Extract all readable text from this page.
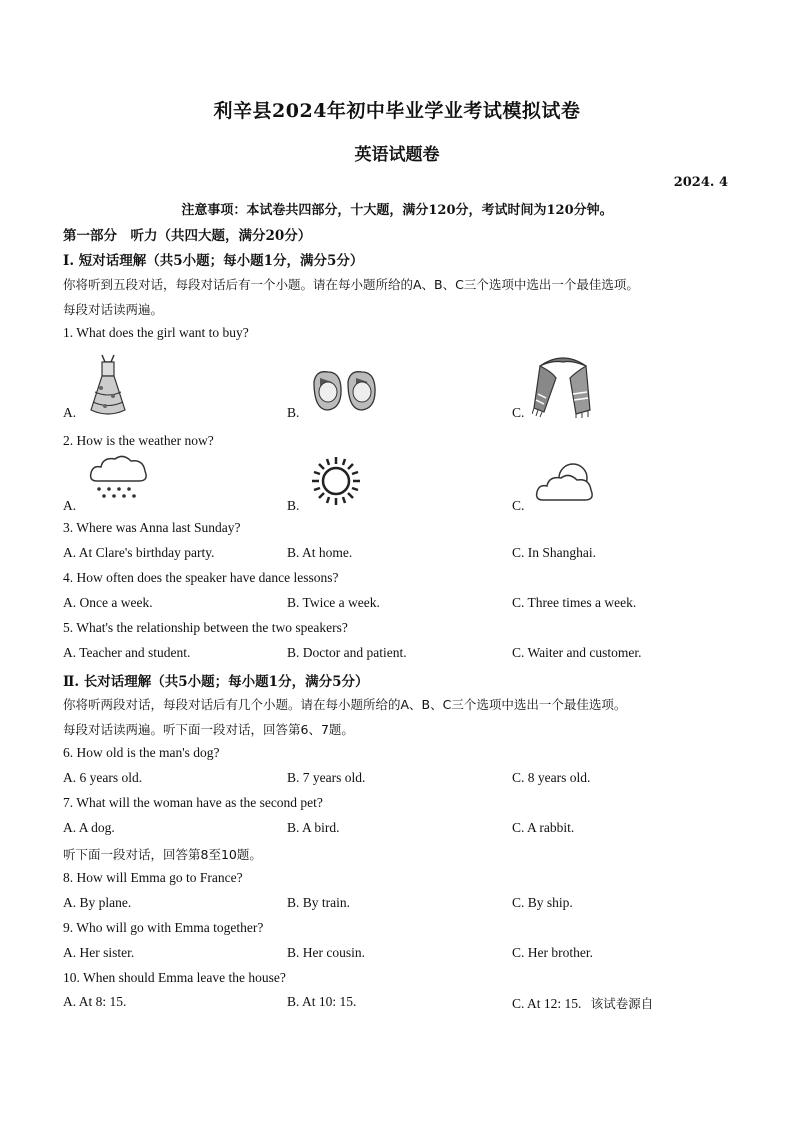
利辛县2024年初中毕业学业考试模拟试卷
英语试题卷
2024. 4
注意事项：本试卷共四部分，十大题，满分120分，考试时间为120分钟。
第一部分　听力（共四大题，满分20分）
I. 短对话理解（共5小题；每小题1分，满分5分）
你将听到五段对话，每段对话后有一个小题。请在每小题所给的A、B、C三个选项中选出一个最佳选项。
每段对话读两遍。
1. What does the girl want to buy?
A.	B.	C.
2. How is the weather now?
A.	B.	C.
3. Where was Anna last Sunday?
A. At Clare's birthday party.	B. At home.	C. In Shanghai.
4. How often does the speaker have dance lessons?
A. Once a week.	B. Twice a week.	C. Three times a week.
5. What's the relationship between the two speakers?
A. Teacher and student.	B. Doctor and patient.	C. Waiter and customer.
Ⅱ. 长对话理解（共5小题；每小题1分，满分5分）
你将听两段对话，每段对话后有几个小题。请在每小题所给的A、B、C三个选项中选出一个最佳选项。
每段对话读两遍。听下面一段对话，回答第6、7题。
6. How old is the man's dog?
A. 6 years old.	B. 7 years old.	C. 8 years old.
7. What will the woman have as the second pet?
A. A dog.	B. A bird.	C. A rabbit.
听下面一段对话，回答第8至10题。
8. How will Emma go to France?
A. By plane.	B. By train.	C. By ship.
9. Who will go with Emma together?
A. Her sister.	B. Her cousin.	C. Her brother.
10. When should Emma leave the house?
A. At 8: 15.	B. At 10: 15.	C. At 12: 15. 该试卷源自
